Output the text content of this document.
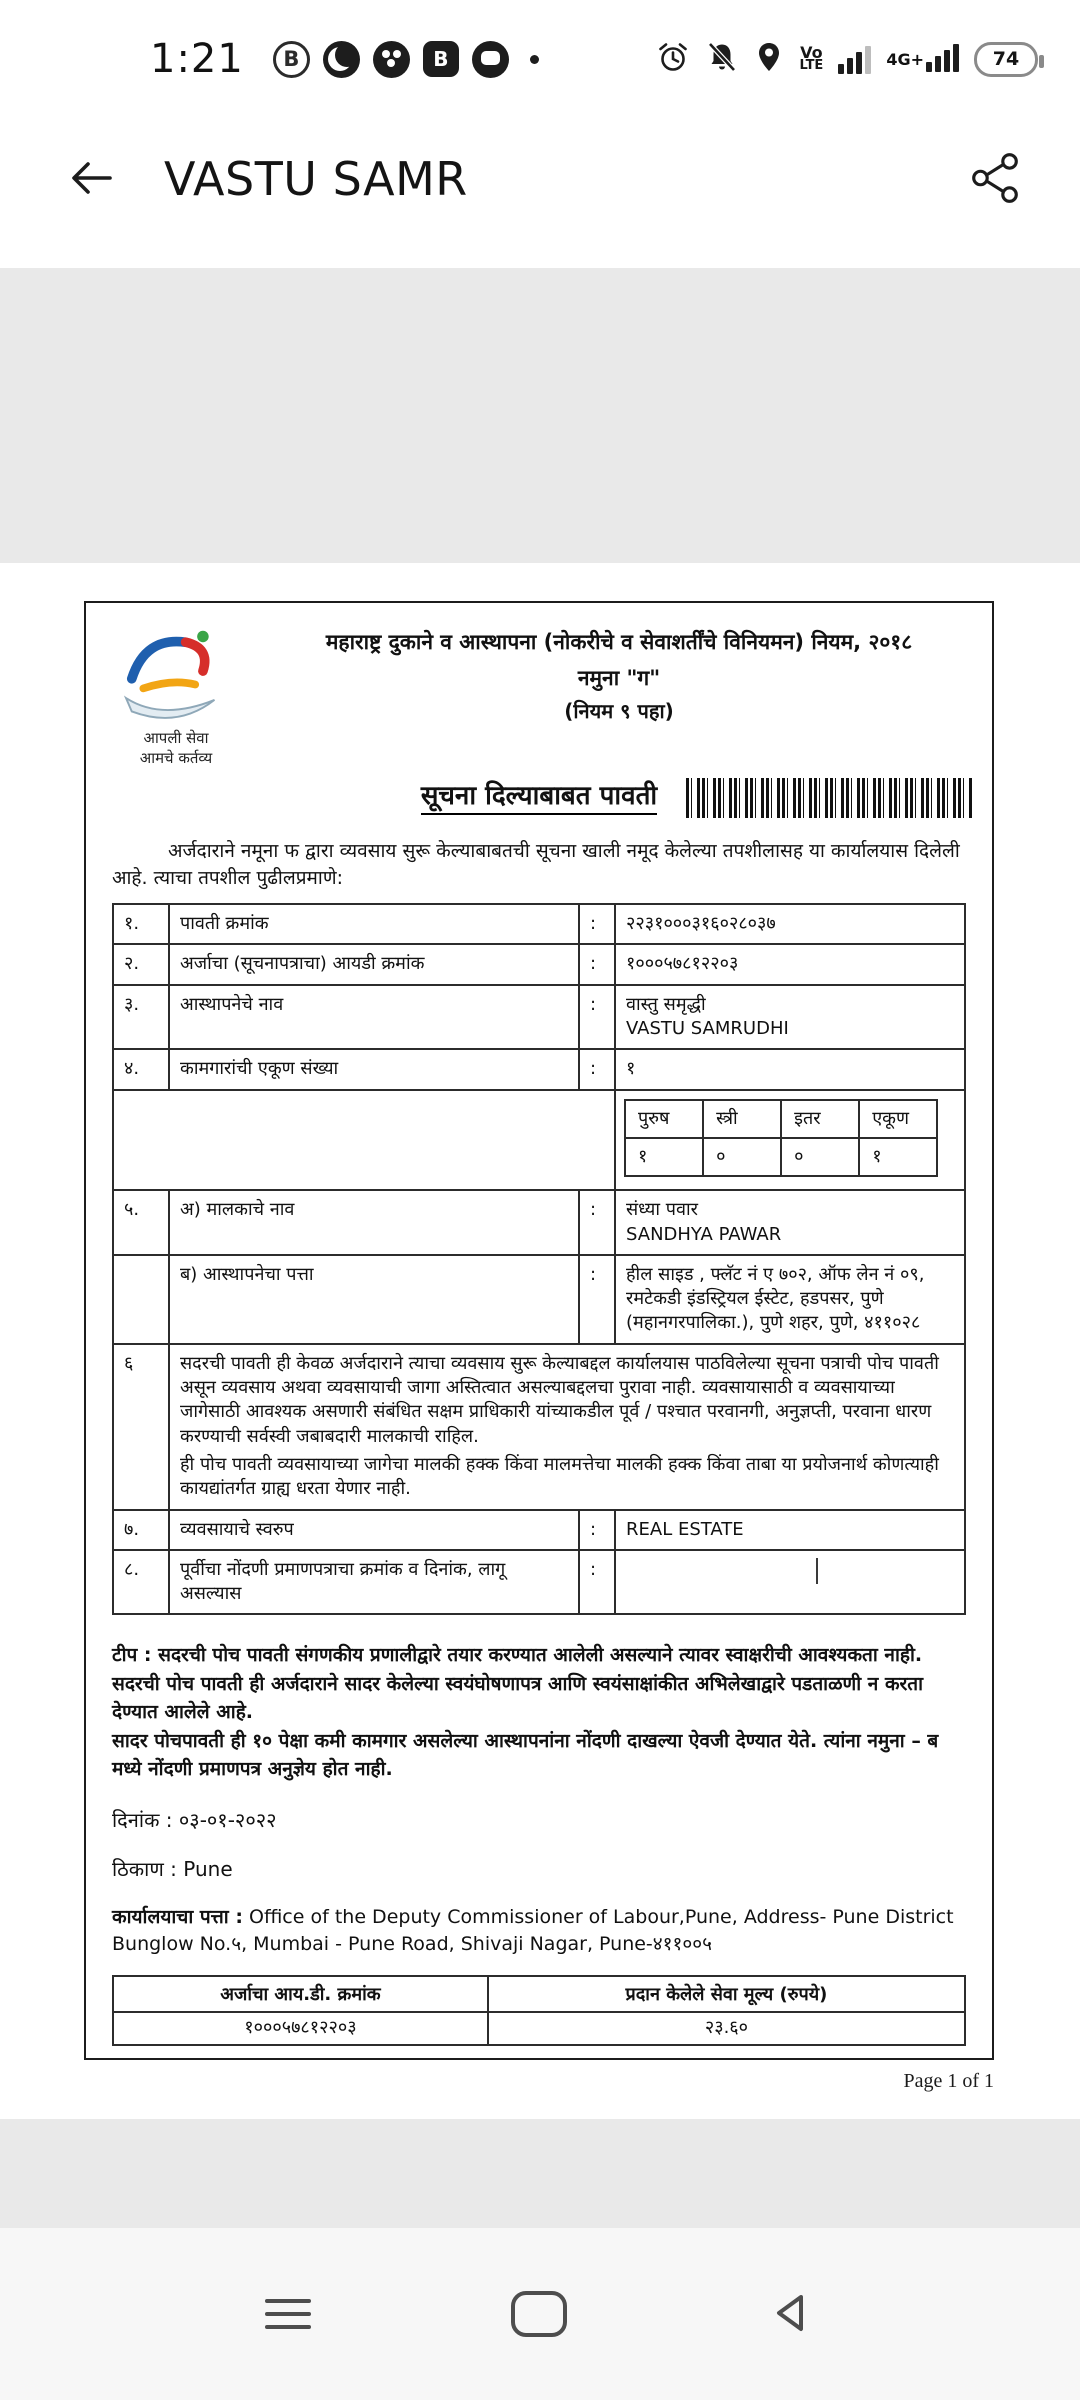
1:21	B	B	Vo
LTE	4G+	74
VASTU SAMR
आपली सेवा
आमचे कर्तव्य
महाराष्ट्र दुकाने व आस्थापना (नोकरीचे व सेवाशर्तींचे विनियमन) नियम, २०१८
नमुना "ग"
(नियम ९ पहा)
सूचना दिल्याबाबत पावती

अर्जदाराने नमूना फ द्वारा व्यवसाय सुरू केल्याबाबतची सूचना खाली नमूद केलेल्या तपशीलासह या कार्यालयास दिलेली आहे. त्याचा तपशील पुढीलप्रमाणे:

१.	पावती क्रमांक	:	२२३१०००३१६०२८०३७
२.	अर्जाचा (सूचनापत्राचा) आयडी क्रमांक	:	१०००५७८१२२०३
३.	आस्थापनेचे नाव	:	वास्तु समृद्धी
VASTU SAMRUDHI

४.	कामगारांची एकूण संख्या	:	१

पुरुष	स्त्री	इतर	एकूण
१	०	०	१

५.	अ) मालकाचे नाव	:	संध्या पवार
SANDHYA PAWAR

	ब) आस्थापनेचा पत्ता	:	हील साइड , फ्लॅट नं ए ७०२, ऑफ लेन नं ०९, रमटेकडी इंडस्ट्रियल ईस्टेट, हडपसर, पुणे (महानगरपालिका.), पुणे शहर, पुणे, ४११०२८
६	सदरची पावती ही केवळ अर्जदाराने त्याचा व्यवसाय सुरू केल्याबद्दल कार्यालयास पाठविलेल्या सूचना पत्राची पोच पावती असून व्यवसाय अथवा व्यवसायाची जागा अस्तित्वात असल्याबद्दलचा पुरावा नाही. व्यवसायासाठी व व्यवसायाच्या जागेसाठी आवश्यक असणारी संबंधित सक्षम प्राधिकारी यांच्याकडील पूर्व / पश्चात परवानगी, अनुज्ञप्ती, परवाना धारण करण्याची सर्वस्वी जबाबदारी मालकाची राहिल.
ही पोच पावती व्यवसायाच्या जागेचा मालकी हक्क किंवा मालमत्तेचा मालकी हक्क किंवा ताबा या प्रयोजनार्थ कोणत्याही कायद्यांतर्गत ग्राह्य धरता येणार नाही.

७.	व्यवसायाचे स्वरुप	:	REAL ESTATE
८.	पूर्वीचा नोंदणी प्रमाणपत्राचा क्रमांक व दिनांक, लागू असल्यास	:	
टीप : सदरची पोच पावती संगणकीय प्रणालीद्वारे तयार करण्यात आलेली असल्याने त्यावर स्वाक्षरीची आवश्यकता नाही.
सदरची पोच पावती ही अर्जदाराने सादर केलेल्या स्वयंघोषणापत्र आणि स्वयंसाक्षांकीत अभिलेखाद्वारे पडताळणी न करता देण्यात आलेले आहे.
सादर पोचपावती ही १० पेक्षा कमी कामगार असलेल्या आस्थापनांना नोंदणी दाखल्या ऐवजी देण्यात येते. त्यांना नमुना – ब मध्ये नोंदणी प्रमाणपत्र अनुज्ञेय होत नाही.
दिनांक : ०३-०१-२०२२
ठिकाण : Pune
कार्यालयाचा पत्ता : Office of the Deputy Commissioner of Labour,Pune, Address- Pune District Bunglow No.५, Mumbai - Pune Road, Shivaji Nagar, Pune-४११००५
अर्जाचा आय.डी. क्रमांक	प्रदान केलेले सेवा मूल्य (रुपये)
१०००५७८१२२०३	२३.६०
Page 1 of 1
